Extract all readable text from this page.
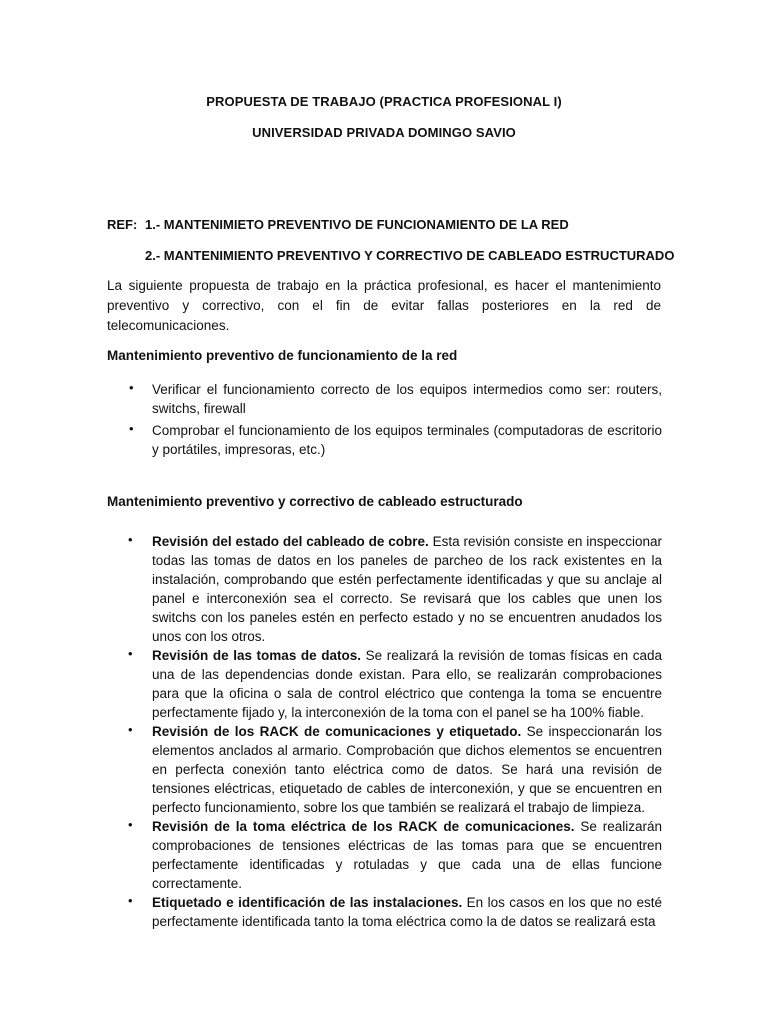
PROPUESTA DE TRABAJO (PRACTICA PROFESIONAL I)
UNIVERSIDAD PRIVADA DOMINGO SAVIO
REF: 1.- MANTENIMIETO PREVENTIVO DE FUNCIONAMIENTO DE LA RED
2.- MANTENIMIENTO PREVENTIVO Y CORRECTIVO DE CABLEADO ESTRUCTURADO
La siguiente propuesta de trabajo en la práctica profesional, es hacer el mantenimiento preventivo y correctivo, con el fin de evitar fallas posteriores en la red de telecomunicaciones.
Mantenimiento preventivo de funcionamiento de la red
• Verificar el funcionamiento correcto de los equipos intermedios como ser: routers, switchs, firewall
• Comprobar el funcionamiento de los equipos terminales (computadoras de escritorio y portátiles, impresoras, etc.)
Mantenimiento preventivo y correctivo de cableado estructurado
• Revisión del estado del cableado de cobre. Esta revisión consiste en inspeccionar todas las tomas de datos en los paneles de parcheo de los rack existentes en la instalación, comprobando que estén perfectamente identificadas y que su anclaje al panel e interconexión sea el correcto. Se revisará que los cables que unen los switchs con los paneles estén en perfecto estado y no se encuentren anudados los unos con los otros.
• Revisión de las tomas de datos. Se realizará la revisión de tomas físicas en cada una de las dependencias donde existan. Para ello, se realizarán comprobaciones para que la oficina o sala de control eléctrico que contenga la toma se encuentre perfectamente fijado y, la interconexión de la toma con el panel se ha 100% fiable.
• Revisión de los RACK de comunicaciones y etiquetado. Se inspeccionarán los elementos anclados al armario. Comprobación que dichos elementos se encuentren en perfecta conexión tanto eléctrica como de datos. Se hará una revisión de tensiones eléctricas, etiquetado de cables de interconexión, y que se encuentren en perfecto funcionamiento, sobre los que también se realizará el trabajo de limpieza.
• Revisión de la toma eléctrica de los RACK de comunicaciones. Se realizarán comprobaciones de tensiones eléctricas de las tomas para que se encuentren perfectamente identificadas y rotuladas y que cada una de ellas funcione correctamente.
• Etiquetado e identificación de las instalaciones. En los casos en los que no esté perfectamente identificada tanto la toma eléctrica como la de datos se realizará esta
